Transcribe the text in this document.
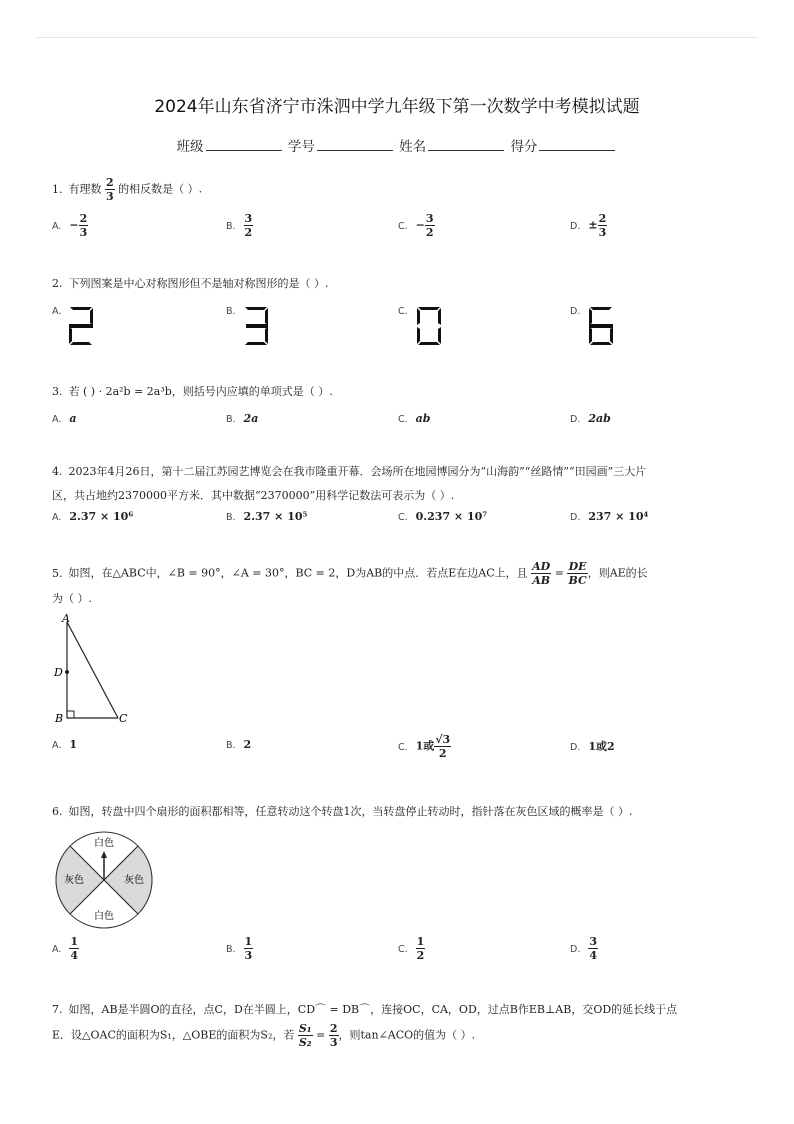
2024年山东省济宁市洙泗中学九年级下第一次数学中考模拟试题
班级	学号	姓名	得分
1. 有理数 $\frac{2}{3}$ 的相反数是（ ）.
A. − $\frac{2}{3}$	B. $\frac{3}{2}$	C. − $\frac{3}{2}$	D. ± $\frac{2}{3}$
2. 下列图案是中心对称图形但不是轴对称图形的是（ ）.
A.	B.	C.	D.
3. 若 ( ) · 2a²b = 2a³b，则括号内应填的单项式是（ ）.
A. a	B. 2a	C. ab	D. 2ab
4. 2023年4月26日，第十二届江苏园艺博览会在我市隆重开幕．会场所在地园博园分为“山海韵”“丝路情”“田园画”三大片
区，共占地约2370000平方米．其中数据“2370000”用科学记数法可表示为（ ）.
A. 2.37 × 10⁶	B. 2.37 × 10⁵	C. 0.237 × 10⁷	D. 237 × 10⁴
5. 如图，在△ABC中，∠B = 90°，∠A = 30°，BC = 2，D为AB的中点．若点E在边AC上，且 $\frac{AD}{AB} = \frac{DE}{BC}$ ，则AE的长
为（ ）.
A
D
B	C
A. 1	B. 2	C. 1或 $\frac{√3}{2}$	D. 1或2
6. 如图，转盘中四个扇形的面积都相等，任意转动这个转盘1次，当转盘停止转动时，指针落在灰色区域的概率是（ ）.
白色
白色
灰色	灰色
A. $\frac{1}{4}$	B. $\frac{1}{3}$	C. $\frac{1}{2}$	D. $\frac{3}{4}$
7. 如图，AB是半圆O的直径，点C，D在半圆上，CD⌒ = DB⌒，连接OC，CA，OD，过点B作EB⊥AB，交OD的延长线于点
E．设△OAC的面积为S₁，△OBE的面积为S₂，若 $\frac{\text{S₁}}{\text{S₂}} = \frac{2}{3}$ ，则tan∠ACO的值为（ ）.
